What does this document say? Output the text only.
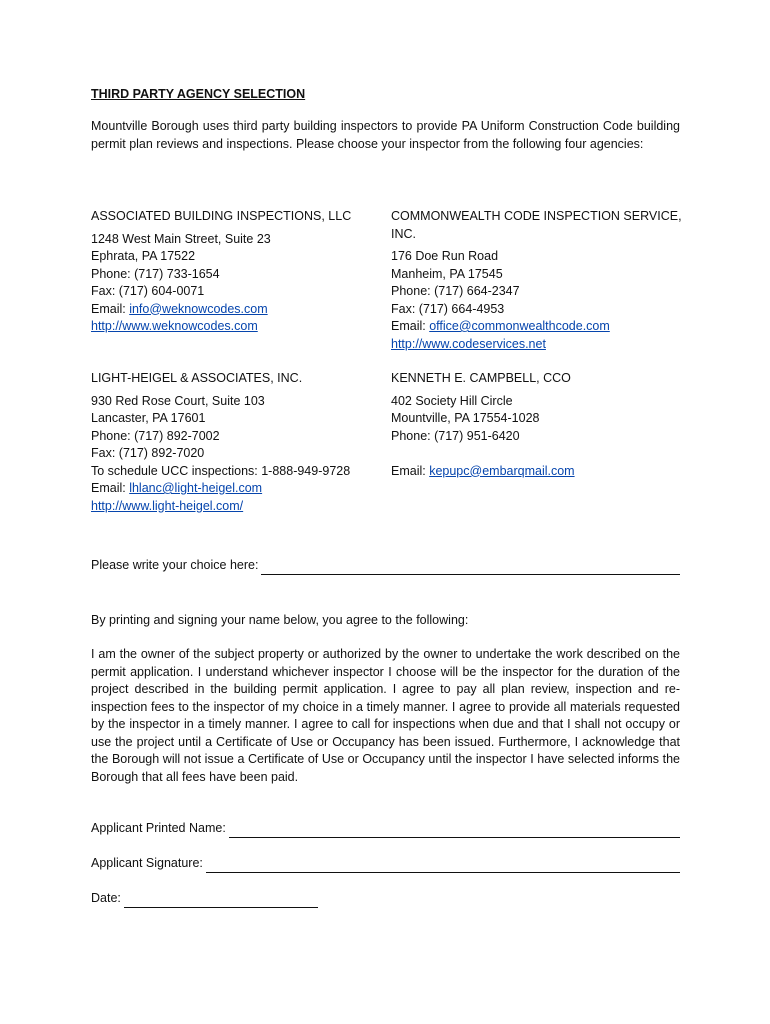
THIRD PARTY AGENCY SELECTION
Mountville Borough uses third party building inspectors to provide PA Uniform Construction Code building permit plan reviews and inspections. Please choose your inspector from the following four agencies:
ASSOCIATED BUILDING INSPECTIONS, LLC
1248 West Main Street, Suite 23
Ephrata, PA 17522
Phone: (717) 733-1654
Fax: (717) 604-0071
Email: info@weknowcodes.com
http://www.weknowcodes.com
COMMONWEALTH CODE INSPECTION SERVICE, INC.
176 Doe Run Road
Manheim, PA 17545
Phone: (717) 664-2347
Fax: (717) 664-4953
Email: office@commonwealthcode.com
http://www.codeservices.net
LIGHT-HEIGEL & ASSOCIATES, INC.
930 Red Rose Court, Suite 103
Lancaster, PA 17601
Phone: (717) 892-7002
Fax: (717) 892-7020
To schedule UCC inspections: 1-888-949-9728
Email: lhlanc@light-heigel.com
http://www.light-heigel.com/
KENNETH E. CAMPBELL, CCO
402 Society Hill Circle
Mountville, PA 17554-1028
Phone: (717) 951-6420
Email: kepupc@embarqmail.com
Please write your choice here:
By printing and signing your name below, you agree to the following:
I am the owner of the subject property or authorized by the owner to undertake the work described on the permit application. I understand whichever inspector I choose will be the inspector for the duration of the project described in the building permit application. I agree to pay all plan review, inspection and re-inspection fees to the inspector of my choice in a timely manner. I agree to provide all materials requested by the inspector in a timely manner. I agree to call for inspections when due and that I shall not occupy or use the project until a Certificate of Use or Occupancy has been issued. Furthermore, I acknowledge that the Borough will not issue a Certificate of Use or Occupancy until the inspector I have selected informs the Borough that all fees have been paid.
Applicant Printed Name:
Applicant Signature:
Date:
